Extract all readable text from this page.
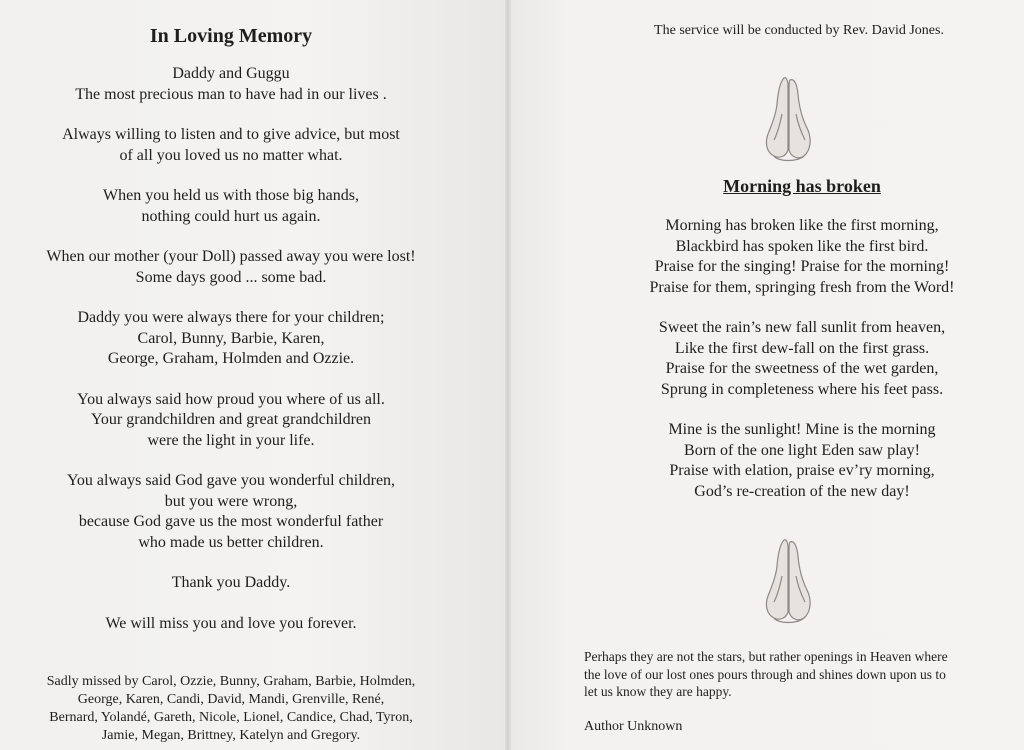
In Loving Memory
Daddy and Guggu
The most precious man to have had in our lives .
Always willing to listen and to give advice, but most
of all you loved us no matter what.
When you held us with those big hands,
nothing could hurt us again.
When our mother (your Doll) passed away you were lost!
Some days good ... some bad.
Daddy you were always there for your children;
Carol, Bunny, Barbie, Karen,
George, Graham, Holmden and Ozzie.
You always said how proud you where of us all.
Your grandchildren and great grandchildren
were the light in your life.
You always said God gave you wonderful children,
but you were wrong,
because God gave us the most wonderful father
who made us better children.
Thank you Daddy.
We will miss you and love you forever.
Sadly missed by Carol, Ozzie, Bunny, Graham, Barbie, Holmden,
George, Karen, Candi, David, Mandi, Grenville, René,
Bernard, Yolandé, Gareth, Nicole, Lionel, Candice, Chad, Tyron,
Jamie, Megan, Brittney, Katelyn and Gregory.
The service will be conducted by Rev. David Jones.
Morning has broken
Morning has broken like the first morning,
Blackbird has spoken like the first bird.
Praise for the singing! Praise for the morning!
Praise for them, springing fresh from the Word!
Sweet the rain’s new fall sunlit from heaven,
Like the first dew-fall on the first grass.
Praise for the sweetness of the wet garden,
Sprung in completeness where his feet pass.
Mine is the sunlight! Mine is the morning
Born of the one light Eden saw play!
Praise with elation, praise ev’ry morning,
God’s re-creation of the new day!
Perhaps they are not the stars, but rather openings in Heaven where
the love of our lost ones pours through and shines down upon us to
let us know they are happy.
Author Unknown
